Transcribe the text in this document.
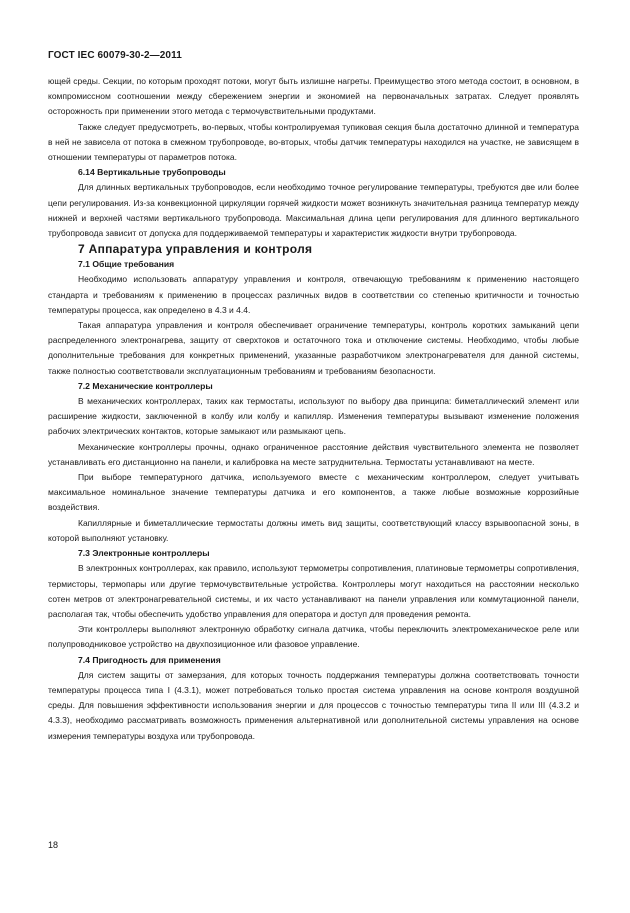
ГОСТ IEC 60079-30-2—2011

ющей среды. Секции, по которым проходят потоки, могут быть излишне нагреты. Преимущество этого метода состоит, в основном, в компромиссном соотношении между сбережением энергии и экономией на первоначальных затратах. Следует проявлять осторожность при применении этого метода с термочувствительными продуктами.

Также следует предусмотреть, во-первых, чтобы контролируемая тупиковая секция была достаточно длинной и температура в ней не зависела от потока в смежном трубопроводе, во-вторых, чтобы датчик температуры находился на участке, не зависящем в отношении температуры от параметров потока.

6.14 Вертикальные трубопроводы

Для длинных вертикальных трубопроводов, если необходимо точное регулирование температуры, требуются две или более цепи регулирования. Из-за конвекционной циркуляции горячей жидкости может возникнуть значительная разница температур между нижней и верхней частями вертикального трубопровода. Максимальная длина цепи регулирования для длинного вертикального трубопровода зависит от допуска для поддерживаемой температуры и характеристик жидкости внутри трубопровода.

7 Аппаратура управления и контроля

7.1 Общие требования

Необходимо использовать аппаратуру управления и контроля, отвечающую требованиям к применению настоящего стандарта и требованиям к применению в процессах различных видов в соответствии со степенью критичности и точностью температуры процесса, как определено в 4.3 и 4.4.

Такая аппаратура управления и контроля обеспечивает ограничение температуры, контроль коротких замыканий цепи распределенного электронагрева, защиту от сверхтоков и остаточного тока и отключение системы. Необходимо, чтобы любые дополнительные требования для конкретных применений, указанные разработчиком электронагревателя для данной системы, также полностью соответствовали эксплуатационным требованиям и требованиям безопасности.

7.2 Механические контроллеры

В механических контроллерах, таких как термостаты, используют по выбору два принципа: биметаллический элемент или расширение жидкости, заключенной в колбу или колбу и капилляр. Изменения температуры вызывают изменение положения рабочих электрических контактов, которые замыкают или размыкают цепь.

Механические контроллеры прочны, однако ограниченное расстояние действия чувствительного элемента не позволяет устанавливать его дистанционно на панели, и калибровка на месте затруднительна. Термостаты устанавливают на месте.

При выборе температурного датчика, используемого вместе с механическим контроллером, следует учитывать максимальное номинальное значение температуры датчика и его компонентов, а также любые возможные коррозийные воздействия.

Капиллярные и биметаллические термостаты должны иметь вид защиты, соответствующий классу взрывоопасной зоны, в которой выполняют установку.

7.3 Электронные контроллеры

В электронных контроллерах, как правило, используют термометры сопротивления, платиновые термометры сопротивления, термисторы, термопары или другие термочувствительные устройства. Контроллеры могут находиться на расстоянии несколько сотен метров от электронагревательной системы, и их часто устанавливают на панели управления или коммутационной панели, располагая так, чтобы обеспечить удобство управления для оператора и доступ для проведения ремонта.

Эти контроллеры выполняют электронную обработку сигнала датчика, чтобы переключить электромеханическое реле или полупроводниковое устройство на двухпозиционное или фазовое управление.

7.4 Пригодность для применения

Для систем защиты от замерзания, для которых точность поддержания температуры должна соответствовать точности температуры процесса типа I (4.3.1), может потребоваться только простая система управления на основе контроля воздушной среды. Для повышения эффективности использования энергии и для процессов с точностью температуры типа II или III (4.3.2 и 4.3.3), необходимо рассматривать возможность применения альтернативной или дополнительной системы управления на основе измерения температуры воздуха или трубопровода.

18
